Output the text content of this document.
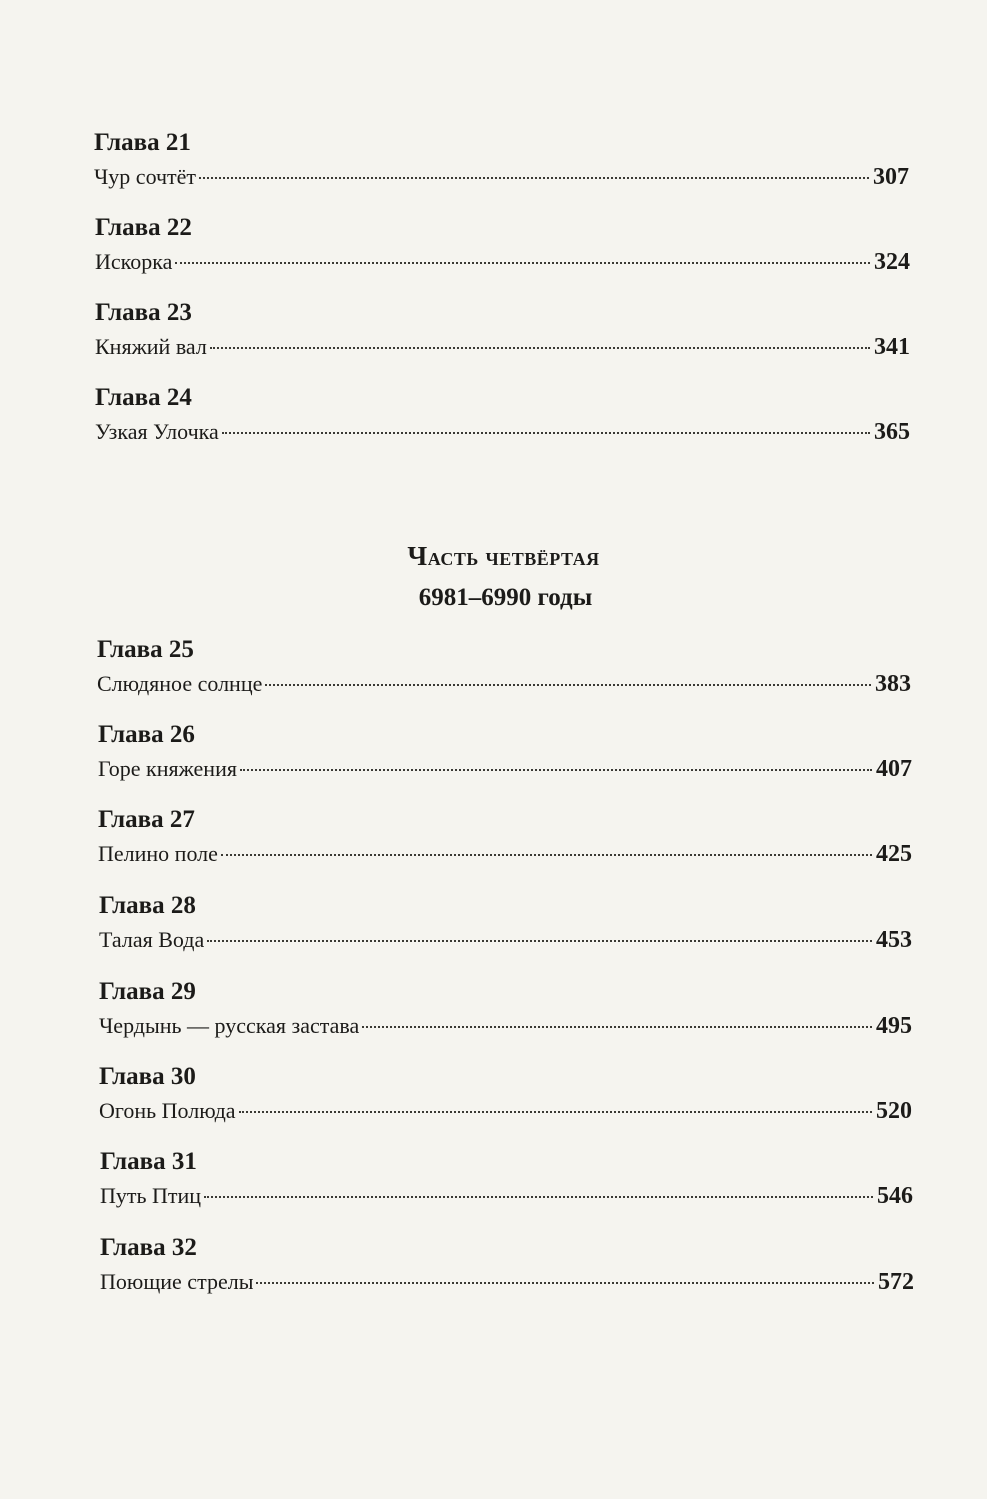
Глава 21
Чур сочтёт	307
Глава 22
Искорка	324
Глава 23
Княжий вал	341
Глава 24
Узкая Улочка	365
Часть четвёртая
6981–6990 годы
Глава 25
Слюдяное солнце	383
Глава 26
Горе княжения	407
Глава 27
Пелино поле	425
Глава 28
Талая Вода	453
Глава 29
Чердынь — русская застава	495
Глава 30
Огонь Полюда	520
Глава 31
Путь Птиц	546
Глава 32
Поющие стрелы	572
